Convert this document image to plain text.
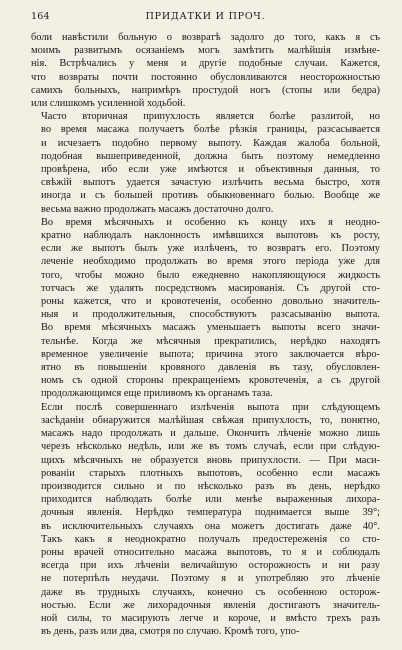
164	ПРИДАТКИ И ПРОЧ.

боли навѣстили больную о возвратѣ задолго до того, какъ я съ
моимъ развитымъ осязаніемъ могъ замѣтить малѣйшія измѣне-
нія. Встрѣчались у меня и другіе подобные случаи. Кажется,
что возвраты почти постоянно обусловливаются неосторожностью
самихъ больныхъ, напримѣръ простудой ногъ (стопы или бедра)
или слишкомъ усиленной ходьбой.

Часто вторичная припухлость является болѣе разлитой, но
во время масажа получаетъ болѣе рѣзкія границы, разсасывается
и исчезаетъ подобно первому выпоту. Каждая жалоба больной,
подобная вышеприведенной, должна быть поэтому немедленно
провѣрена, ибо если уже имѣются и объективныя данныя, то
свѣжій выпотъ удается зачастую излѣчить весьма быстро, хотя
иногда и съ большей противъ обыкновеннаго болью. Вообще же
весьма важно продолжать масажъ достаточно долго.

Во время мѣсячныхъ и особенно къ концу ихъ я неодно-
кратно наблюдалъ наклонность имѣвшихся выпотовъ къ росту,
если же выпотъ былъ уже излѣченъ, то возвратъ его. Поэтому
леченіе необходимо продолжать во время этого періода уже для
того, чтобы можно было ежедневно накопляющуюся жидкость
тотчасъ же удалять посредствомъ масированія. Съ другой сто-
роны кажется, что и кровотеченія, особенно довольно значитель-
ныя и продолжительныя, способствуютъ разсасыванію выпота.
Во время мѣсячныхъ масажъ уменьшаетъ выпоты всего значи-
тельнѣе. Когда же мѣсячныя прекратились, нерѣдко находятъ
временное увеличеніе выпота; причина этого заключается вѣро-
ятно въ повышеніи кровяного давленія въ тазу, обусловлен-
номъ съ одной стороны прекращеніемъ кровотеченія, а съ другой
продолжающимся еще приливомъ къ органамъ таза.

Если послѣ совершеннаго излѣченія выпота при слѣдующемъ
засѣданіи обнаружится малѣйшая свѣжая припухлость, то, понятно,
масажъ надо продолжать и дальше. Окончить лѣченіе можно лишь
черезъ нѣсколько недѣль, или же въ томъ случаѣ, если при слѣдую-
щихъ мѣсячныхъ не образуется вновь припухлости. — При маси-
рованіи старыхъ плотныхъ выпотовъ, особенно если масажъ
производится сильно и по нѣсколько разъ въ день, нерѣдко
приходится наблюдать болѣе или менѣе выраженныя лихора-
дочныя явленія. Нерѣдко температура поднимается выше 39°;
въ исключительныхъ случаяхъ она можетъ достигать даже 40°.
Такъ какъ я неоднократно получалъ предостереженія со сто-
роны врачей относительно масажа выпотовъ, то я и соблюдалъ
всегда при ихъ лѣченіи величайшую осторожность и ни разу
не потерпѣлъ неудачи. Поэтому я и употребляю это лѣченіе
даже въ трудныхъ случаяхъ, конечно съ особенною осторож-
ностью. Если же лихорадочныя явленія достигаютъ значитель-
ной силы, то масирують легче и короче, и вмѣсто трехъ разъ
въ день, разъ или два, смотря по случаю. Кромѣ того, упо-
